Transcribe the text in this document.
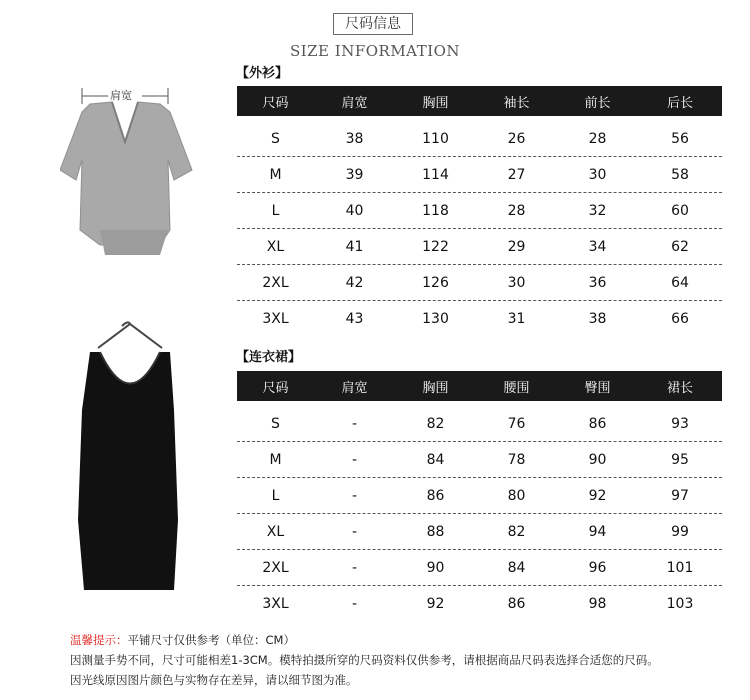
尺码信息
SIZE INFORMATION
肩宽
【外衫】
尺码	肩宽	胸围	袖长	前长	后长
S	38	110	26	28	56
M	39	114	27	30	58
L	40	118	28	32	60
XL	41	122	29	34	62
2XL	42	126	30	36	64
3XL	43	130	31	38	66
【连衣裙】
尺码	肩宽	胸围	腰围	臀围	裙长
S	-	82	76	86	93
M	-	84	78	90	95
L	-	86	80	92	97
XL	-	88	82	94	99
2XL	-	90	84	96	101
3XL	-	92	86	98	103
温馨提示：平铺尺寸仅供参考（单位：CM）
因测量手势不同，尺寸可能相差1-3CM。模特拍摄所穿的尺码资料仅供参考，请根据商品尺码表选择合适您的尺码。
因光线原因图片颜色与实物存在差异，请以细节图为准。
